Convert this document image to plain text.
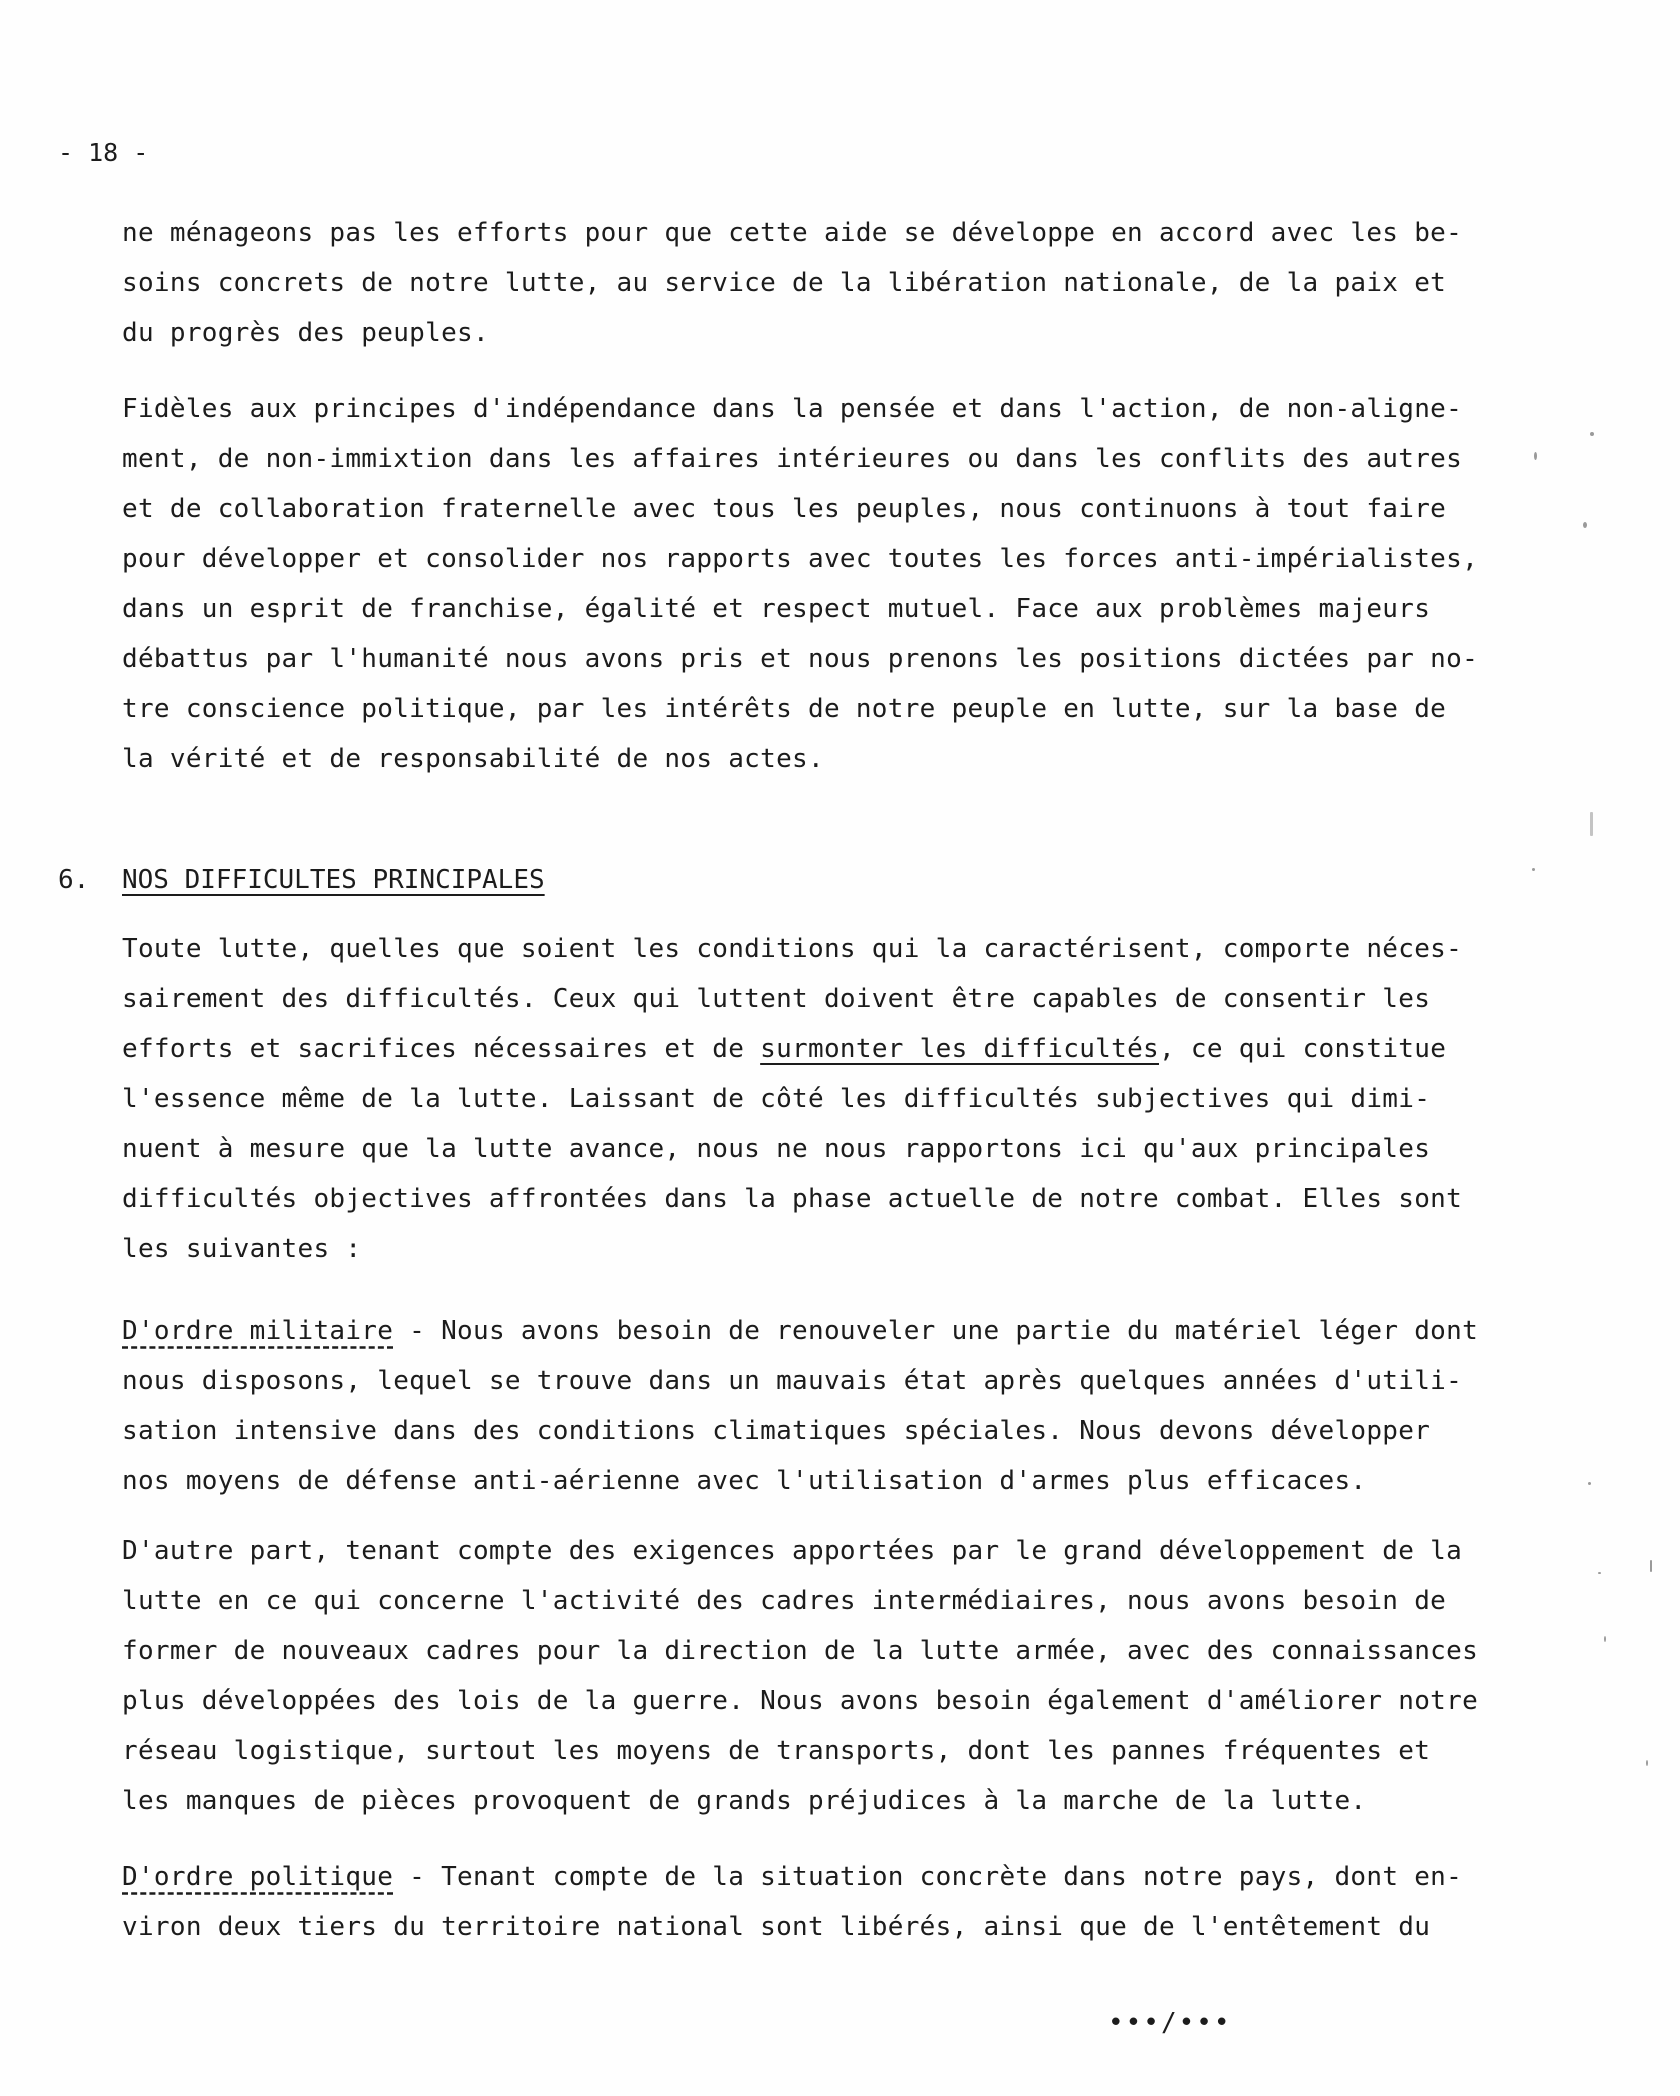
- 18 -
ne ménageons pas les efforts pour que cette aide se développe en accord avec les be-
soins concrets de notre lutte, au service de la libération nationale, de la paix et
du progrès des peuples.
Fidèles aux principes d'indépendance dans la pensée et dans l'action, de non-aligne-
ment, de non-immixtion dans les affaires intérieures ou dans les conflits des autres
et de collaboration fraternelle avec tous les peuples, nous continuons à tout faire
pour développer et consolider nos rapports avec toutes les forces anti-impérialistes,
dans un esprit de franchise, égalité et respect mutuel. Face aux problèmes majeurs
débattus par l'humanité nous avons pris et nous prenons les positions dictées par no-
tre conscience politique, par les intérêts de notre peuple en lutte, sur la base de
la vérité et de responsabilité de nos actes.
6. NOS DIFFICULTES PRINCIPALES
Toute lutte, quelles que soient les conditions qui la caractérisent, comporte néces-
sairement des difficultés. Ceux qui luttent doivent être capables de consentir les
efforts et sacrifices nécessaires et de surmonter les difficultés, ce qui constitue
l'essence même de la lutte. Laissant de côté les difficultés subjectives qui dimi-
nuent à mesure que la lutte avance, nous ne nous rapportons ici qu'aux principales
difficultés objectives affrontées dans la phase actuelle de notre combat. Elles sont
les suivantes :
D'ordre militaire - Nous avons besoin de renouveler une partie du matériel léger dont
nous disposons, lequel se trouve dans un mauvais état après quelques années d'utili-
sation intensive dans des conditions climatiques spéciales. Nous devons développer
nos moyens de défense anti-aérienne avec l'utilisation d'armes plus efficaces.
D'autre part, tenant compte des exigences apportées par le grand développement de la
lutte en ce qui concerne l'activité des cadres intermédiaires, nous avons besoin de
former de nouveaux cadres pour la direction de la lutte armée, avec des connaissances
plus développées des lois de la guerre. Nous avons besoin également d'améliorer notre
réseau logistique, surtout les moyens de transports, dont les pannes fréquentes et
les manques de pièces provoquent de grands préjudices à la marche de la lutte.
D'ordre politique - Tenant compte de la situation concrète dans notre pays, dont en-
viron deux tiers du territoire national sont libérés, ainsi que de l'entêtement du
•••/•••
